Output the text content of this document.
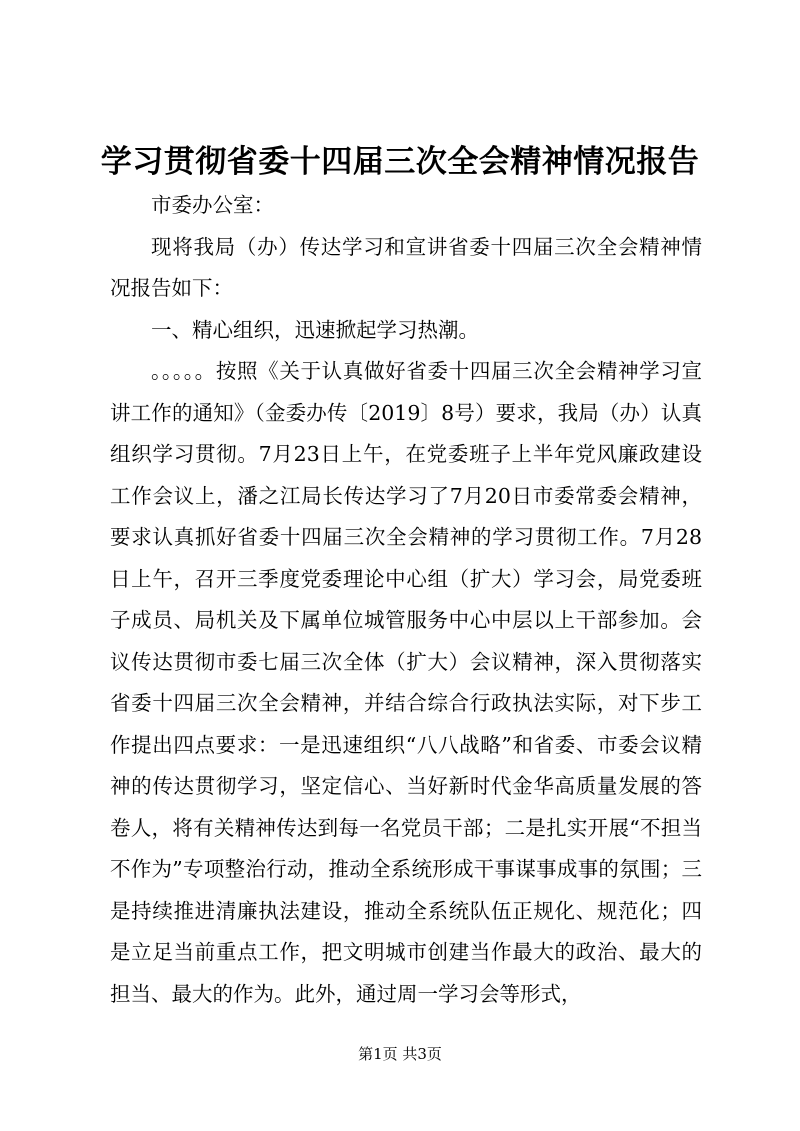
学习贯彻省委十四届三次全会精神情况报告

市委办公室：

现将我局（办）传达学习和宣讲省委十四届三次全会精神情况报告如下：

一、精心组织，迅速掀起学习热潮。

。。。。。按照《关于认真做好省委十四届三次全会精神学习宣讲工作的通知》（金委办传〔2019〕8号）要求，我局（办）认真组织学习贯彻。7月23日上午，在党委班子上半年党风廉政建设工作会议上，潘之江局长传达学习了7月20日市委常委会精神，要求认真抓好省委十四届三次全会精神的学习贯彻工作。7月28日上午，召开三季度党委理论中心组（扩大）学习会，局党委班子成员、局机关及下属单位城管服务中心中层以上干部参加。会议传达贯彻市委七届三次全体（扩大）会议精神，深入贯彻落实省委十四届三次全会精神，并结合综合行政执法实际，对下步工作提出四点要求：一是迅速组织“八八战略”和省委、市委会议精神的传达贯彻学习，坚定信心、当好新时代金华高质量发展的答卷人，将有关精神传达到每一名党员干部；二是扎实开展“不担当不作为”专项整治行动，推动全系统形成干事谋事成事的氛围；三是持续推进清廉执法建设，推动全系统队伍正规化、规范化；四是立足当前重点工作，把文明城市创建当作最大的政治、最大的担当、最大的作为。此外，通过周一学习会等形式，

第1页 共3页
